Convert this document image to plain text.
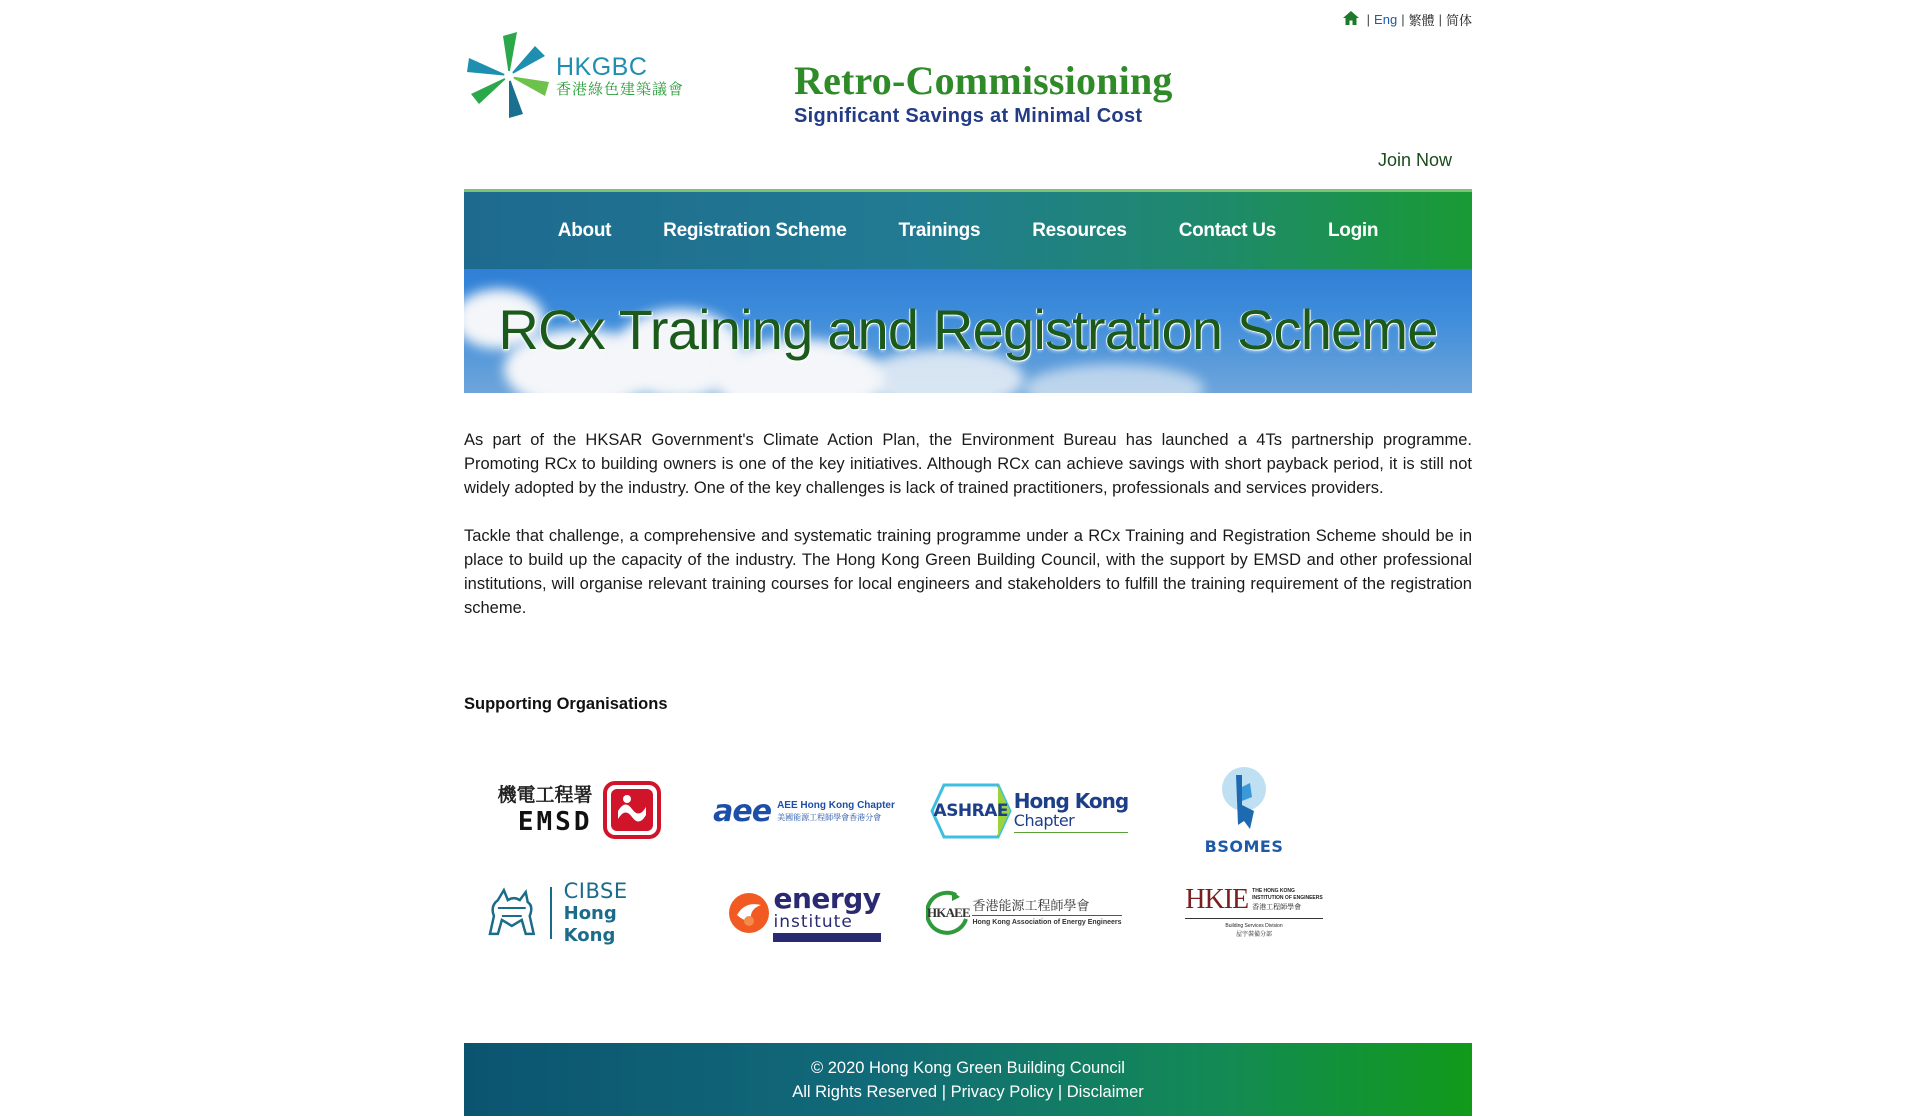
| Eng | 繁體 | 简体
HKGBC
香港綠色建築議會	Retro-Commissioning
Significant Savings at Minimal Cost
Join Now
About	Registration Scheme	Trainings	Resources	Contact Us	Login
RCx Training and Registration Scheme

As part of the HKSAR Government's Climate Action Plan, the Environment Bureau has launched a 4Ts partnership programme. Promoting RCx to building owners is one of the key initiatives. Although RCx can achieve savings with short payback period, it is still not widely adopted by the industry. One of the key challenges is lack of trained practitioners, professionals and services providers.

Tackle that challenge, a comprehensive and systematic training programme under a RCx Training and Registration Scheme should be in place to build up the capacity of the industry. The Hong Kong Green Building Council, with the support by EMSD and other professional institutions, will organise relevant training courses for local engineers and stakeholders to fulfill the training requirement of the registration scheme.

Supporting Organisations
機電工程署
EMSD	aee AEE Hong Kong Chapter
美國能源工程師學會香港分會	ASHRAE Hong Kong
Chapter
BSOMES
CIBSE
Hong Kong
energy
institute	HKAEE 香港能源工程師學會
Hong Kong Association of Energy Engineers
HKIE THE HONG KONG
INSTITUTION OF ENGINEERS
香港工程師學會
Building Services Division
屋宇裝備分部
© 2020 Hong Kong Green Building Council
All Rights Reserved | Privacy Policy | Disclaimer
